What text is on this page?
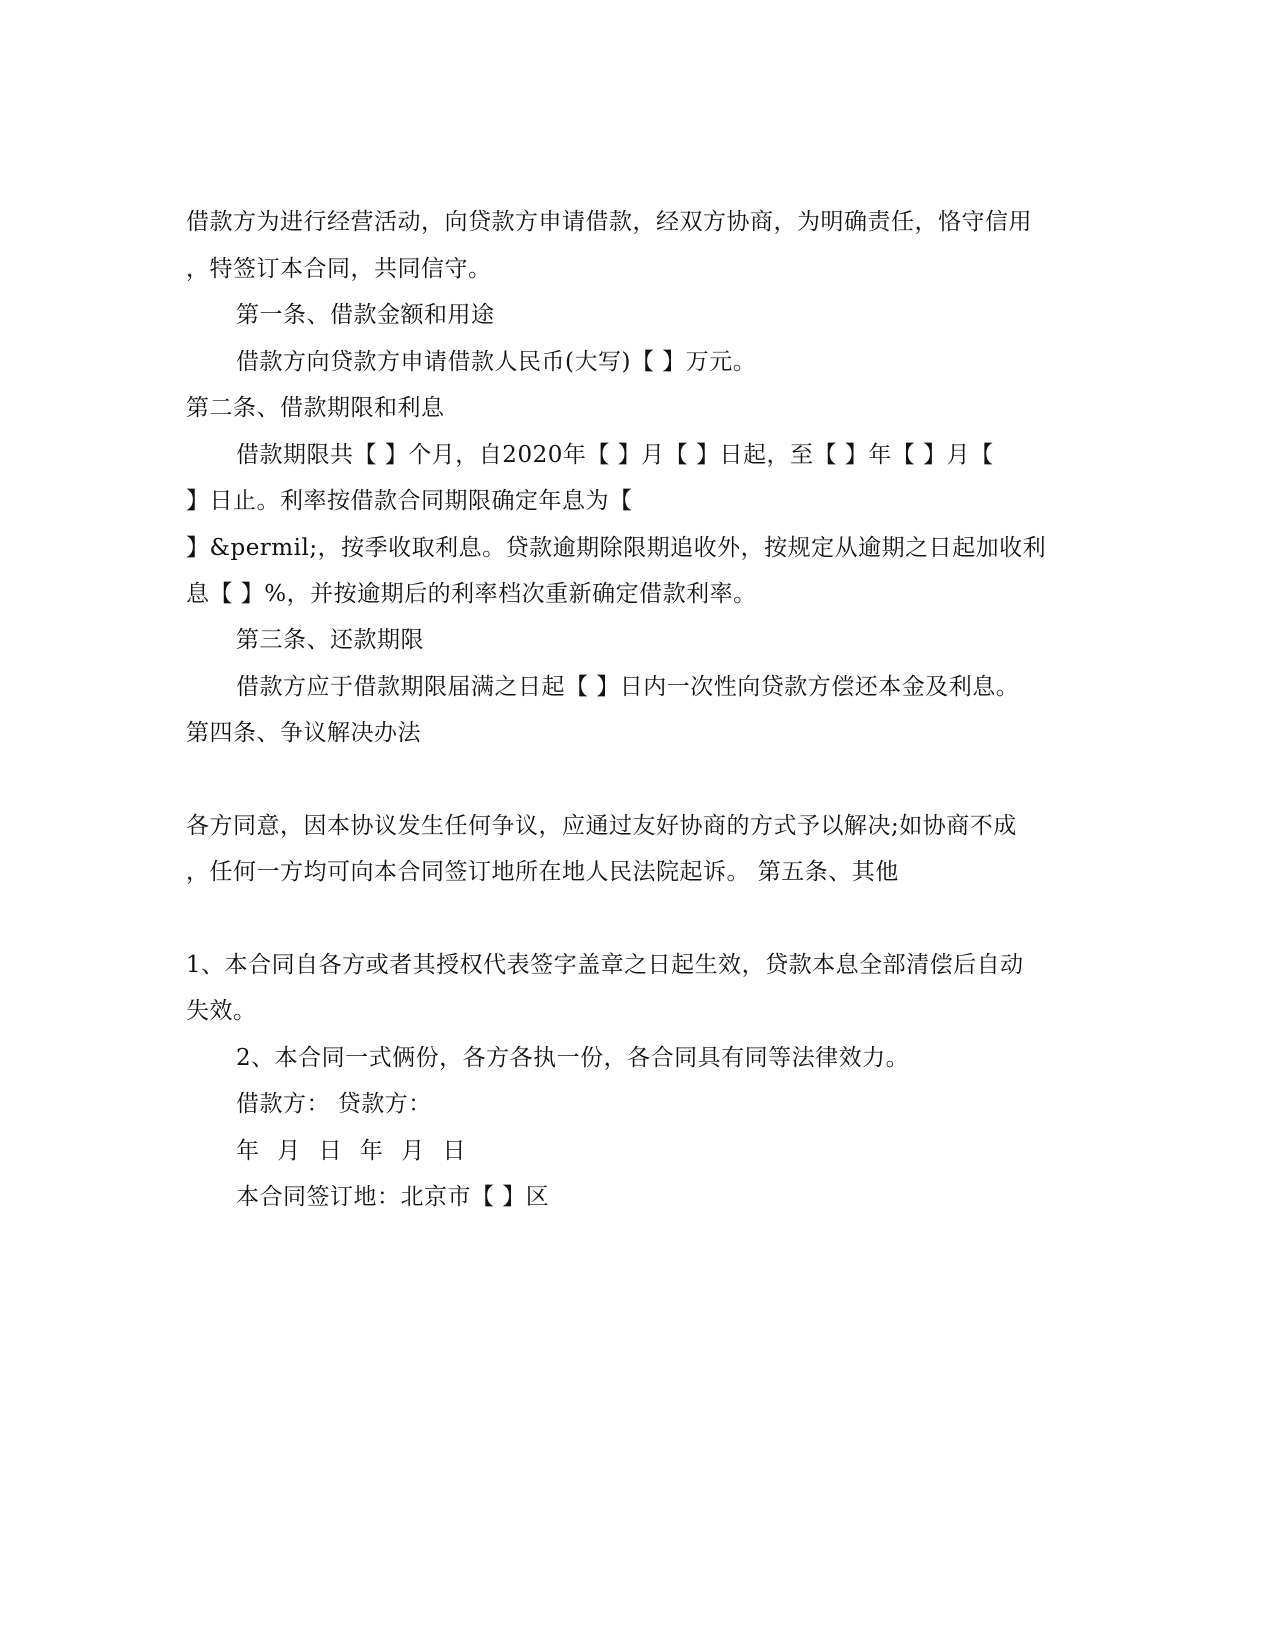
借款方为进行经营活动，向贷款方申请借款，经双方协商，为明确责任，恪守信用
，特签订本合同，共同信守。
第一条、借款金额和用途
借款方向贷款方申请借款人民币(大写)【 】万元。
第二条、借款期限和利息
借款期限共【 】个月，自2020年【 】月【 】日起，至【 】年【 】月【
】日止。利率按借款合同期限确定年息为【
】&permil;，按季收取利息。贷款逾期除限期追收外，按规定从逾期之日起加收利
息【 】%，并按逾期后的利率档次重新确定借款利率。
第三条、还款期限
借款方应于借款期限届满之日起【 】日内一次性向贷款方偿还本金及利息。
第四条、争议解决办法
各方同意，因本协议发生任何争议，应通过友好协商的方式予以解决;如协商不成
，任何一方均可向本合同签订地所在地人民法院起诉。 第五条、其他
1、本合同自各方或者其授权代表签字盖章之日起生效，贷款本息全部清偿后自动
失效。
2、本合同一式俩份，各方各执一份，各合同具有同等法律效力。
借款方： 贷款方：
年 月 日 年 月 日
本合同签订地：北京市【 】区
